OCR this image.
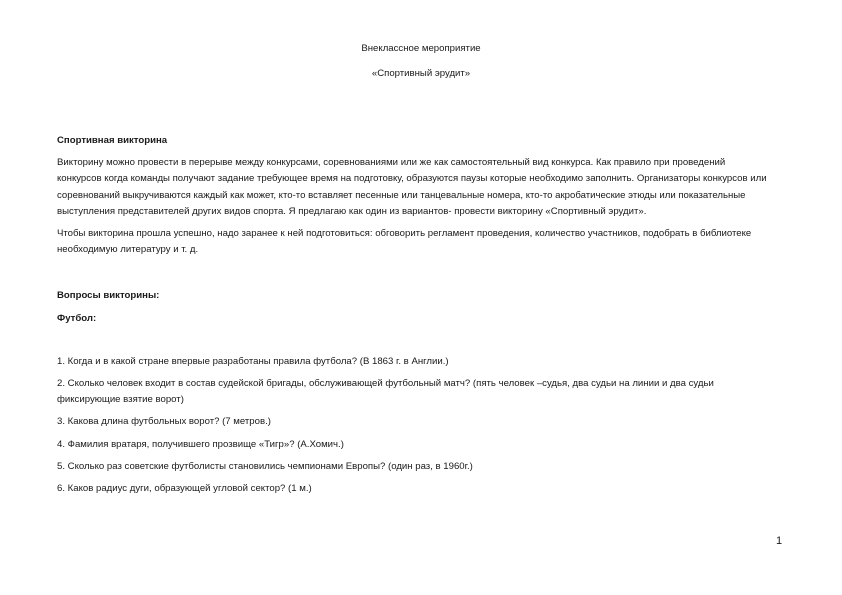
Внеклассное мероприятие
«Спортивный эрудит»

Спортивная викторина

Викторину можно провести в перерыве между конкурсами, соревнованиями или же как самостоятельный вид конкурса. Как правило при проведений конкурсов когда команды получают задание требующее время на подготовку, образуются паузы которые необходимо заполнить. Организаторы конкурсов или соревнований выкручиваются каждый как может, кто-то вставляет песенные или танцевальные номера, кто-то акробатические этюды или показательные выступления представителей других видов спорта. Я предлагаю как один из вариантов- провести викторину «Спортивный эрудит».

Чтобы викторина прошла успешно, надо заранее к ней подготовиться: обговорить регламент проведения, количество участников, подобрать в библиотеке необходимую литературу и т. д.

Вопросы викторины:

Футбол:

1. Когда и в какой стране впервые разработаны правила футбола? (В 1863 г. в Англии.)

2. Сколько человек входит в состав судейской бригады, обслуживающей футбольный матч? (пять человек –судья, два судьи на линии и два судьи фиксирующие взятие ворот)

3. Какова длина футбольных ворот? (7 метров.)

4. Фамилия вратаря, получившего прозвище «Тигр»? (А.Хомич.)

5. Сколько раз советские футболисты становились чемпионами Европы? (один раз, в 1960г.)

6. Каков радиус дуги, образующей угловой сектор? (1 м.)

1
